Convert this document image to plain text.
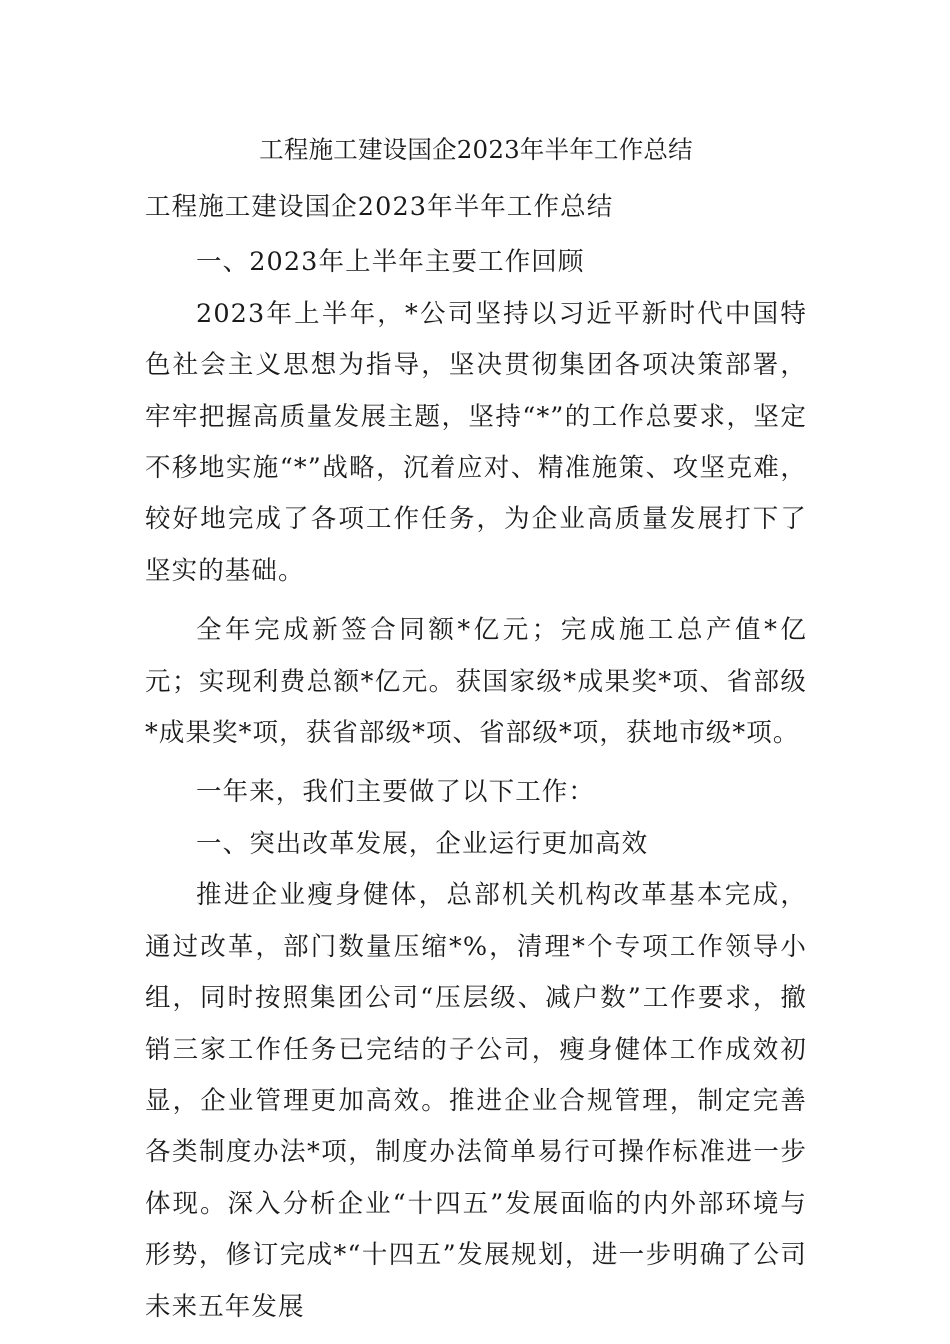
工程施工建设国企2023年半年工作总结

工程施工建设国企2023年半年工作总结

一、2023年上半年主要工作回顾

2023年上半年，*公司坚持以习近平新时代中国特色社会主义思想为指导，坚决贯彻集团各项决策部署，牢牢把握高质量发展主题，坚持“*”的工作总要求，坚定不移地实施“*”战略，沉着应对、精准施策、攻坚克难，较好地完成了各项工作任务，为企业高质量发展打下了坚实的基础。

全年完成新签合同额*亿元；完成施工总产值*亿元；实现利费总额*亿元。获国家级*成果奖*项、省部级*成果奖*项，获省部级*项、省部级*项，获地市级*项。

一年来，我们主要做了以下工作：

一、突出改革发展，企业运行更加高效

推进企业瘦身健体，总部机关机构改革基本完成，通过改革，部门数量压缩*%，清理*个专项工作领导小组，同时按照集团公司“压层级、减户数”工作要求，撤销三家工作任务已完结的子公司，瘦身健体工作成效初显，企业管理更加高效。推进企业合规管理，制定完善各类制度办法*项，制度办法简单易行可操作标准进一步体现。深入分析企业“十四五”发展面临的内外部环境与形势，修订完成*“十四五”发展规划，进一步明确了公司未来五年发展
